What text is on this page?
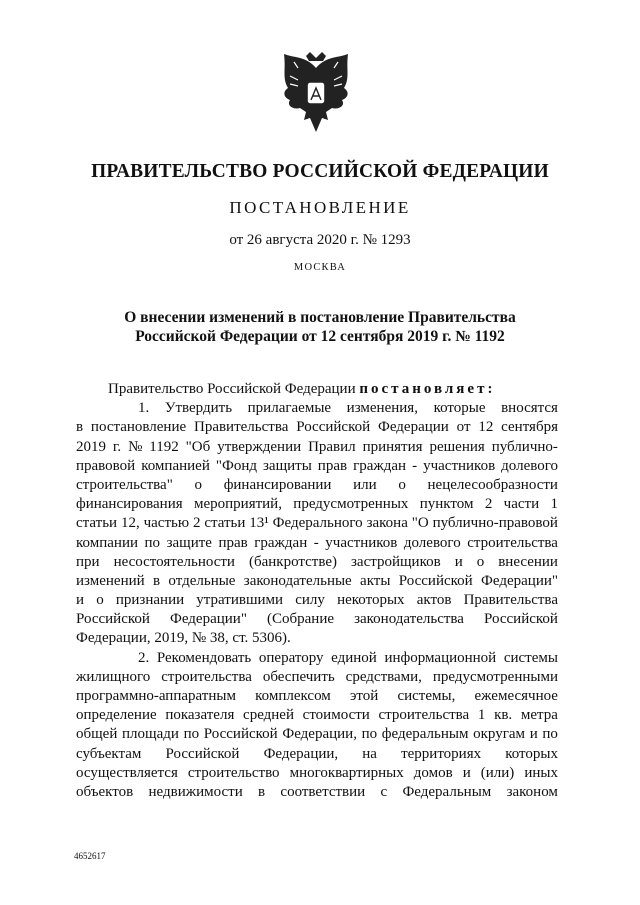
ПРАВИТЕЛЬСТВО РОССИЙСКОЙ ФЕДЕРАЦИИ
ПОСТАНОВЛЕНИЕ
от 26 августа 2020 г. № 1293
МОСКВА
О внесении изменений в постановление Правительства
Российской Федерации от 12 сентября 2019 г. № 1192
Правительство Российской Федерации
постановляет:
1. Утвердить прилагаемые изменения, которые вносятся
в постановление Правительства Российской Федерации от 12 сентября
2019 г. № 1192 "Об утверждении Правил принятия решения публично-
правовой компанией "Фонд защиты прав граждан - участников долевого
строительства" о финансировании или о нецелесообразности
финансирования мероприятий, предусмотренных пунктом 2 части 1
статьи 12, частью 2 статьи 13¹ Федерального закона "О публично-правовой
компании по защите прав граждан - участников долевого строительства
при несостоятельности (банкротстве) застройщиков и о внесении
изменений в отдельные законодательные акты Российской Федерации"
и о признании утратившими силу некоторых актов Правительства
Российской Федерации" (Собрание законодательства Российской
Федерации, 2019, № 38, ст. 5306).
2. Рекомендовать оператору единой информационной системы
жилищного строительства обеспечить средствами, предусмотренными
программно-аппаратным комплексом этой системы, ежемесячное
определение показателя средней стоимости строительства 1 кв. метра
общей площади по Российской Федерации, по федеральным округам и по
субъектам Российской Федерации, на территориях которых
осуществляется строительство многоквартирных домов и (или) иных
объектов недвижимости в соответствии с Федеральным законом
4652617
